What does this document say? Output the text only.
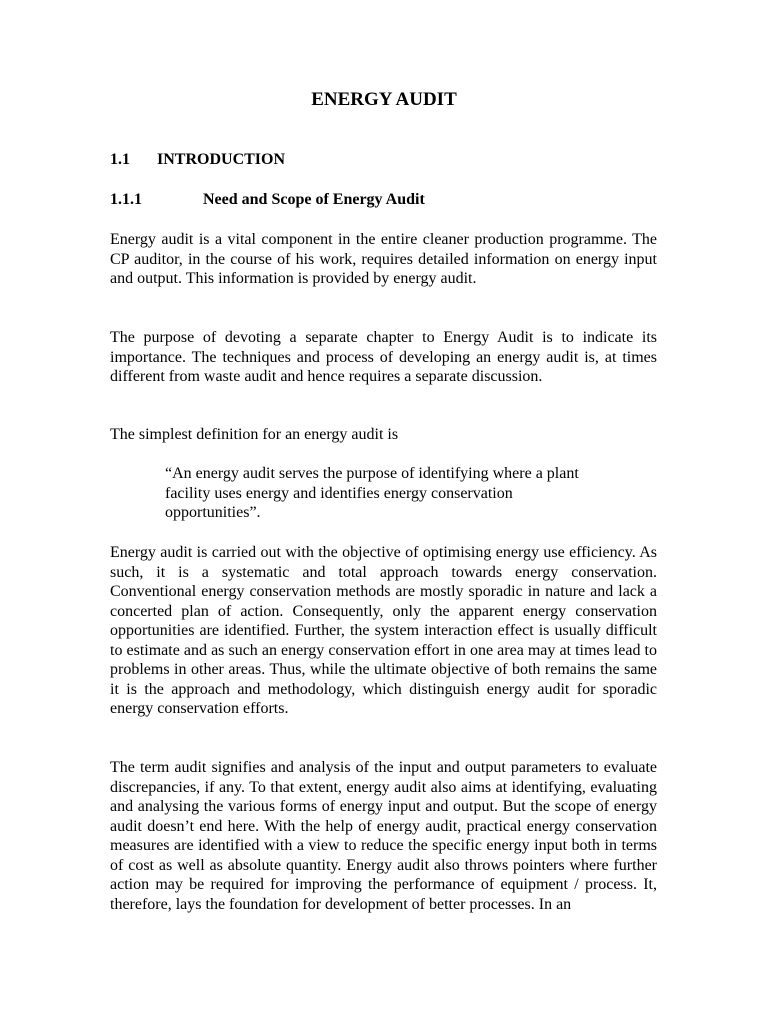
ENERGY AUDIT
1.1 INTRODUCTION
1.1.1	Need and Scope of Energy Audit

Energy audit is a vital component in the entire cleaner production programme. The CP auditor, in the course of his work, requires detailed information on energy input and output. This information is provided by energy audit.

The purpose of devoting a separate chapter to Energy Audit is to indicate its importance. The techniques and process of developing an energy audit is, at times different from waste audit and hence requires a separate discussion.

The simplest definition for an energy audit is

“An energy audit serves the purpose of identifying where a plant facility uses energy and identifies energy conservation opportunities”.

Energy audit is carried out with the objective of optimising energy use efficiency. As such, it is a systematic and total approach towards energy conservation. Conventional energy conservation methods are mostly sporadic in nature and lack a concerted plan of action. Consequently, only the apparent energy conservation opportunities are identified. Further, the system interaction effect is usually difficult to estimate and as such an energy conservation effort in one area may at times lead to problems in other areas. Thus, while the ultimate objective of both remains the same it is the approach and methodology, which distinguish energy audit for sporadic energy conservation efforts.

The term audit signifies and analysis of the input and output parameters to evaluate discrepancies, if any. To that extent, energy audit also aims at identifying, evaluating and analysing the various forms of energy input and output. But the scope of energy audit doesn’t end here. With the help of energy audit, practical energy conservation measures are identified with a view to reduce the specific energy input both in terms of cost as well as absolute quantity. Energy audit also throws pointers where further action may be required for improving the performance of equipment / process. It, therefore, lays the foundation for development of better processes. In an
